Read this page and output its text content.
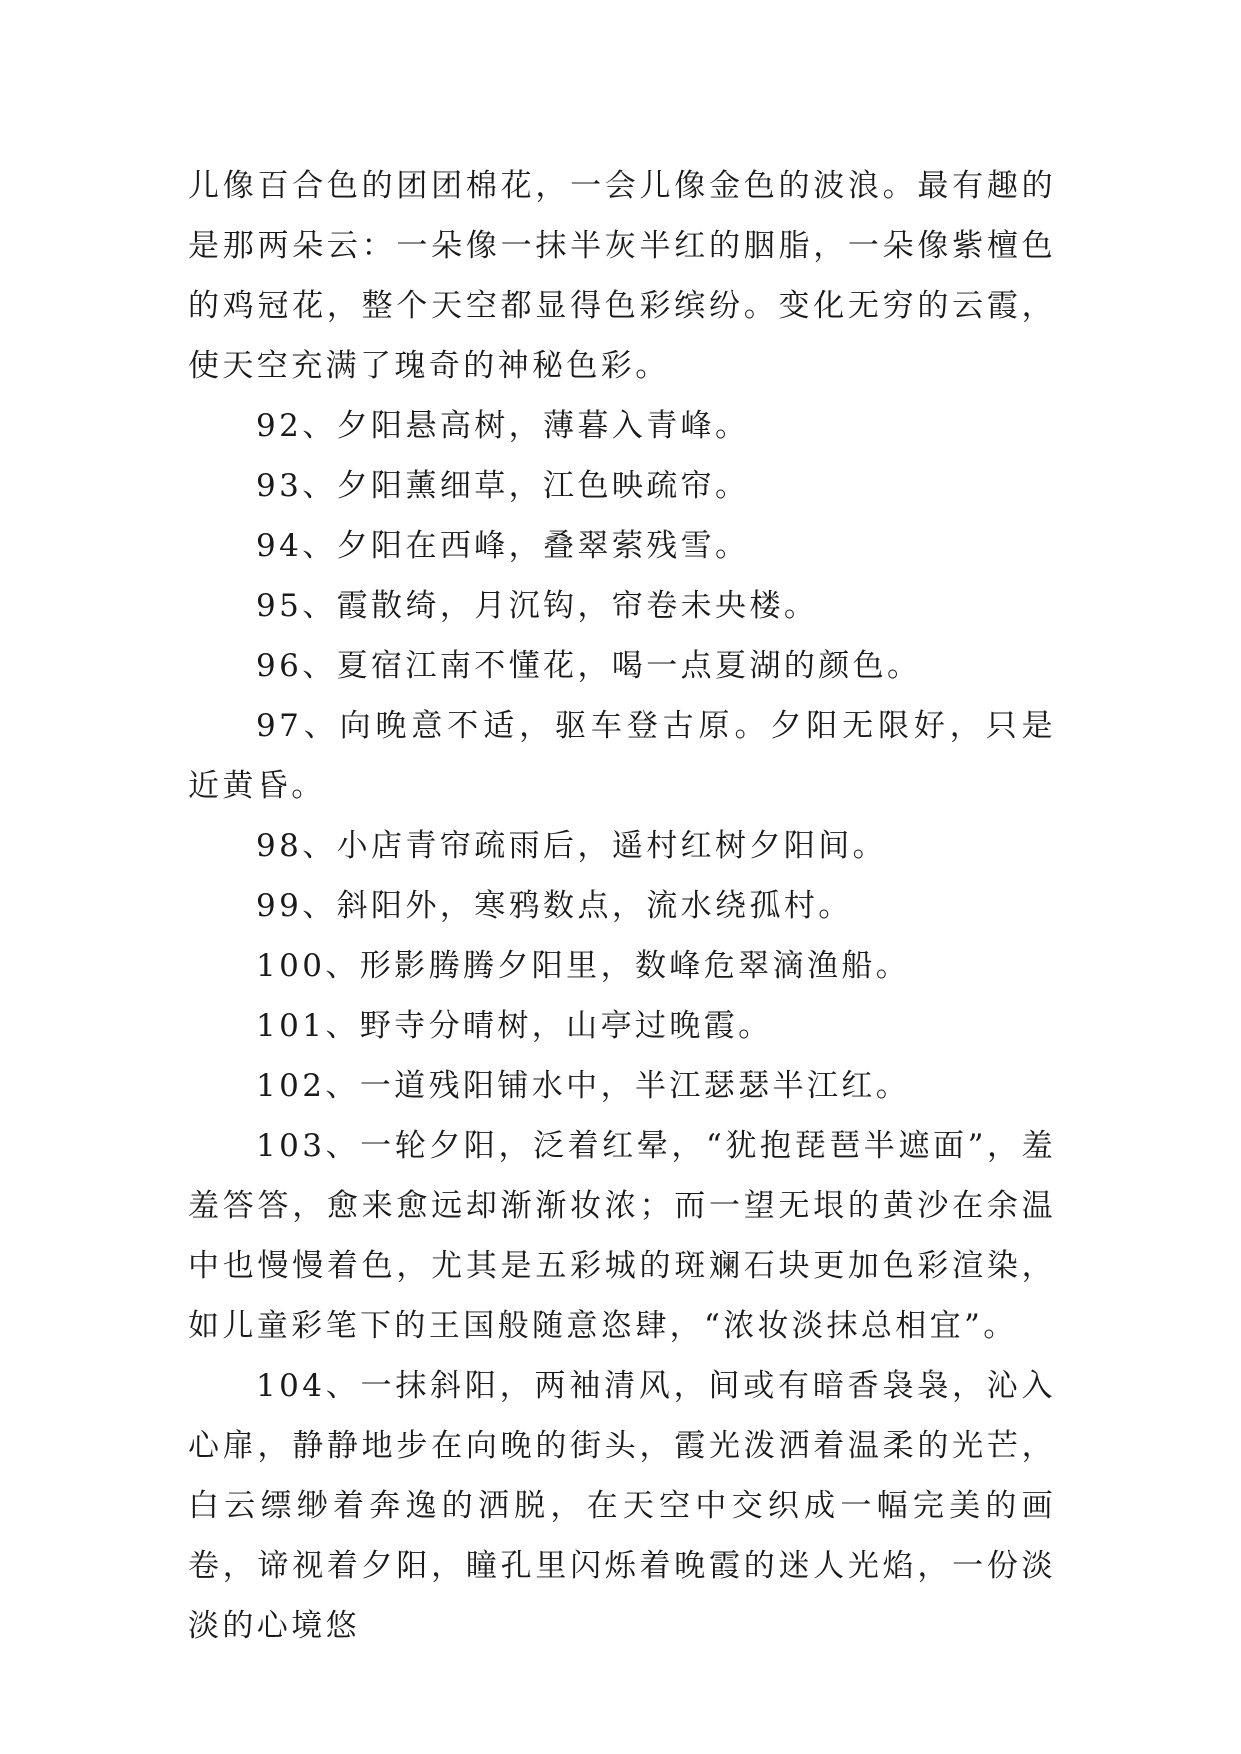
儿像百合色的团团棉花，一会儿像金色的波浪。最有趣的是那两朵云：一朵像一抹半灰半红的胭脂，一朵像紫檀色的鸡冠花，整个天空都显得色彩缤纷。变化无穷的云霞，使天空充满了瑰奇的神秘色彩。

92、夕阳悬高树，薄暮入青峰。

93、夕阳薰细草，江色映疏帘。

94、夕阳在西峰，叠翠萦残雪。

95、霞散绮，月沉钩，帘卷未央楼。

96、夏宿江南不懂花，喝一点夏湖的颜色。

97、向晚意不适，驱车登古原。夕阳无限好，只是近黄昏。

98、小店青帘疏雨后，遥村红树夕阳间。

99、斜阳外，寒鸦数点，流水绕孤村。

100、形影腾腾夕阳里，数峰危翠滴渔船。

101、野寺分晴树，山亭过晚霞。

102、一道残阳铺水中，半江瑟瑟半江红。

103、一轮夕阳，泛着红晕，“犹抱琵琶半遮面”，羞羞答答，愈来愈远却渐渐妆浓；而一望无垠的黄沙在余温中也慢慢着色，尤其是五彩城的斑斓石块更加色彩渲染，如儿童彩笔下的王国般随意恣肆，“浓妆淡抹总相宜”。

104、一抹斜阳，两袖清风，间或有暗香袅袅，沁入心扉，静静地步在向晚的街头，霞光泼洒着温柔的光芒，白云缥缈着奔逸的洒脱，在天空中交织成一幅完美的画卷，谛视着夕阳，瞳孔里闪烁着晚霞的迷人光焰，一份淡淡的心境悠
